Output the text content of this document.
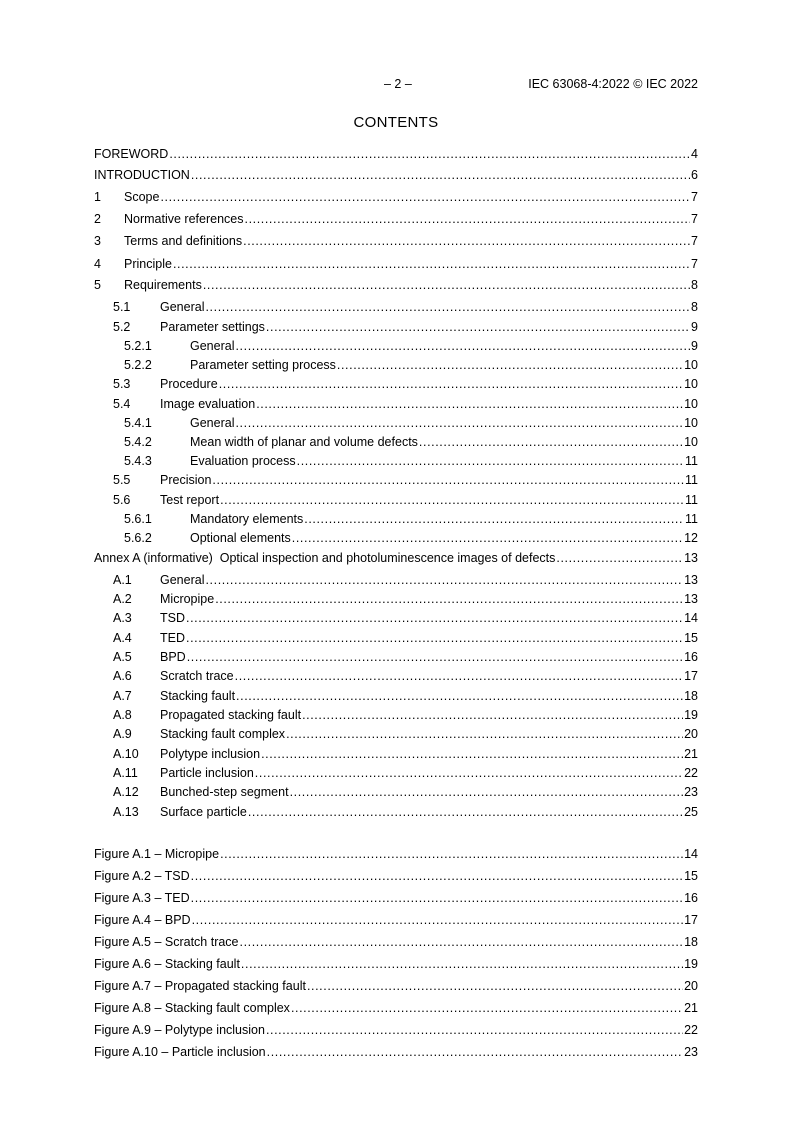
– 2 –	IEC 63068-4:2022 © IEC 2022
CONTENTS
FOREWORD .....	4
INTRODUCTION .....	6
1	Scope .....	7
2	Normative references .....	7
3	Terms and definitions .....	7
4	Principle .....	7
5	Requirements .....	8
5.1	General .....	8
5.2	Parameter settings .....	9
5.2.1	General .....	9
5.2.2	Parameter setting process .....	10
5.3	Procedure .....	10
5.4	Image evaluation .....	10
5.4.1	General .....	10
5.4.2	Mean width of planar and volume defects .....	10
5.4.3	Evaluation process .....	11
5.5	Precision .....	11
5.6	Test report .....	11
5.6.1	Mandatory elements .....	11
5.6.2	Optional elements .....	12
Annex A (informative)  Optical inspection and photoluminescence images of defects .....	13
A.1	General .....	13
A.2	Micropipe .....	13
A.3	TSD .....	14
A.4	TED .....	15
A.5	BPD .....	16
A.6	Scratch trace .....	17
A.7	Stacking fault .....	18
A.8	Propagated stacking fault .....	19
A.9	Stacking fault complex .....	20
A.10	Polytype inclusion .....	21
A.11	Particle inclusion .....	22
A.12	Bunched-step segment .....	23
A.13	Surface particle .....	25
Figure A.1 – Micropipe .....	14
Figure A.2 – TSD .....	15
Figure A.3 – TED .....	16
Figure A.4 – BPD .....	17
Figure A.5 – Scratch trace .....	18
Figure A.6 – Stacking fault .....	19
Figure A.7 – Propagated stacking fault .....	20
Figure A.8 – Stacking fault complex .....	21
Figure A.9 – Polytype inclusion .....	22
Figure A.10 – Particle inclusion .....	23
